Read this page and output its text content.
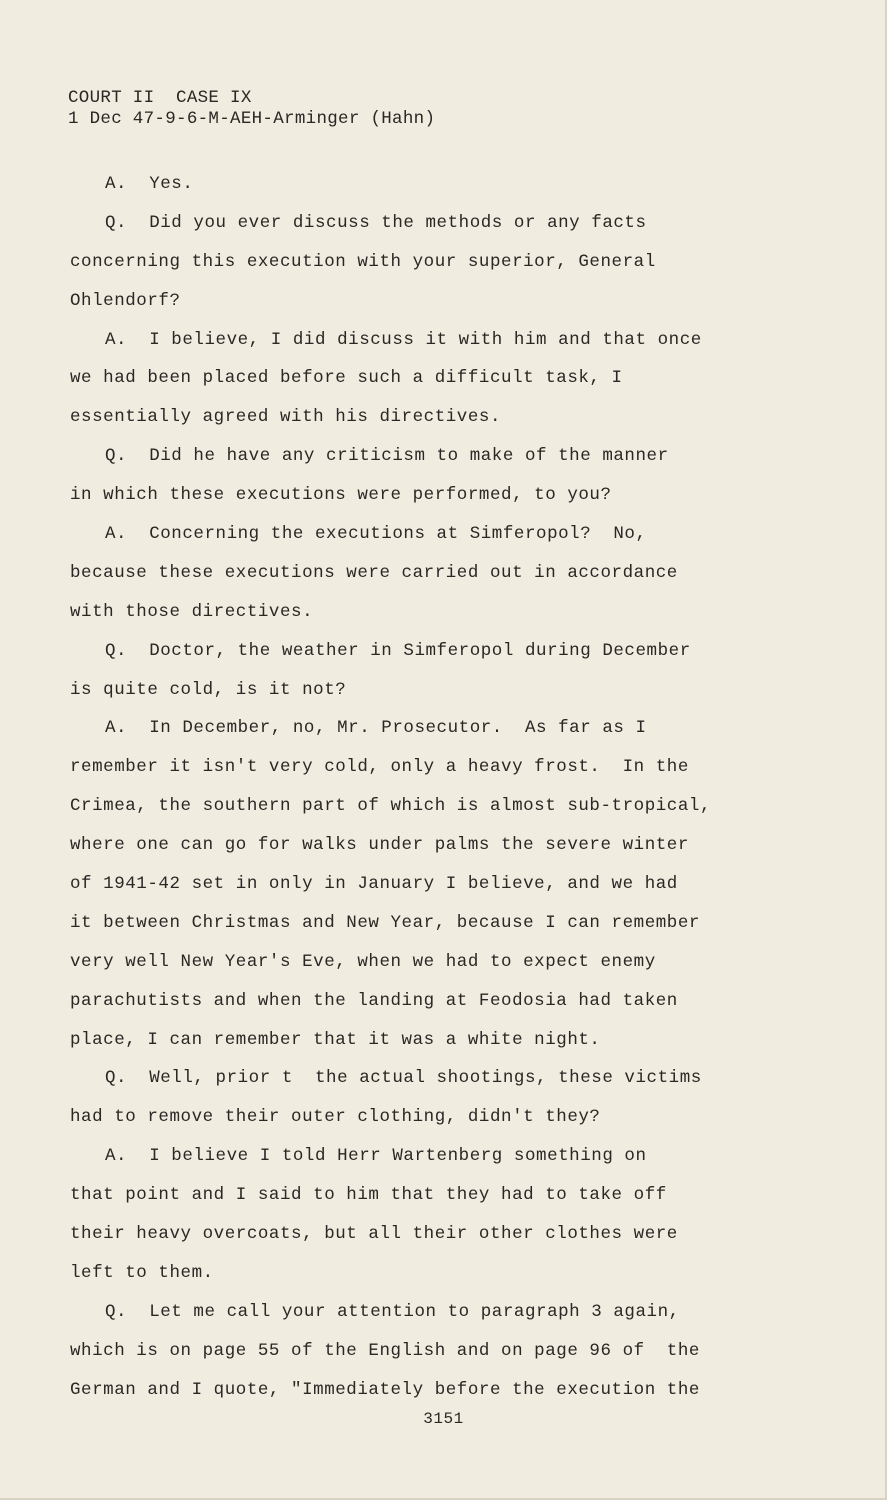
COURT II  CASE IX
1 Dec 47-9-6-M-AEH-Arminger (Hahn)
A.  Yes.
Q.  Did you ever discuss the methods or any facts
concerning this execution with your superior, General
Ohlendorf?
A.  I believe, I did discuss it with him and that once
we had been placed before such a difficult task, I
essentially agreed with his directives.
Q.  Did he have any criticism to make of the manner
in which these executions were performed, to you?
A.  Concerning the executions at Simferopol?  No,
because these executions were carried out in accordance
with those directives.
Q.  Doctor, the weather in Simferopol during December
is quite cold, is it not?
A.  In December, no, Mr. Prosecutor.  As far as I
remember it isn't very cold, only a heavy frost.  In the
Crimea, the southern part of which is almost sub-tropical,
where one can go for walks under palms the severe winter
of 1941-42 set in only in January I believe, and we had
it between Christmas and New Year, because I can remember
very well New Year's Eve, when we had to expect enemy
parachutists and when the landing at Feodosia had taken
place, I can remember that it was a white night.
Q.  Well, prior t  the actual shootings, these victims
had to remove their outer clothing, didn't they?
A.  I believe I told Herr Wartenberg something on
that point and I said to him that they had to take off
their heavy overcoats, but all their other clothes were
left to them.
Q.  Let me call your attention to paragraph 3 again,
which is on page 55 of the English and on page 96 of  the
German and I quote, "Immediately before the execution the
3151
